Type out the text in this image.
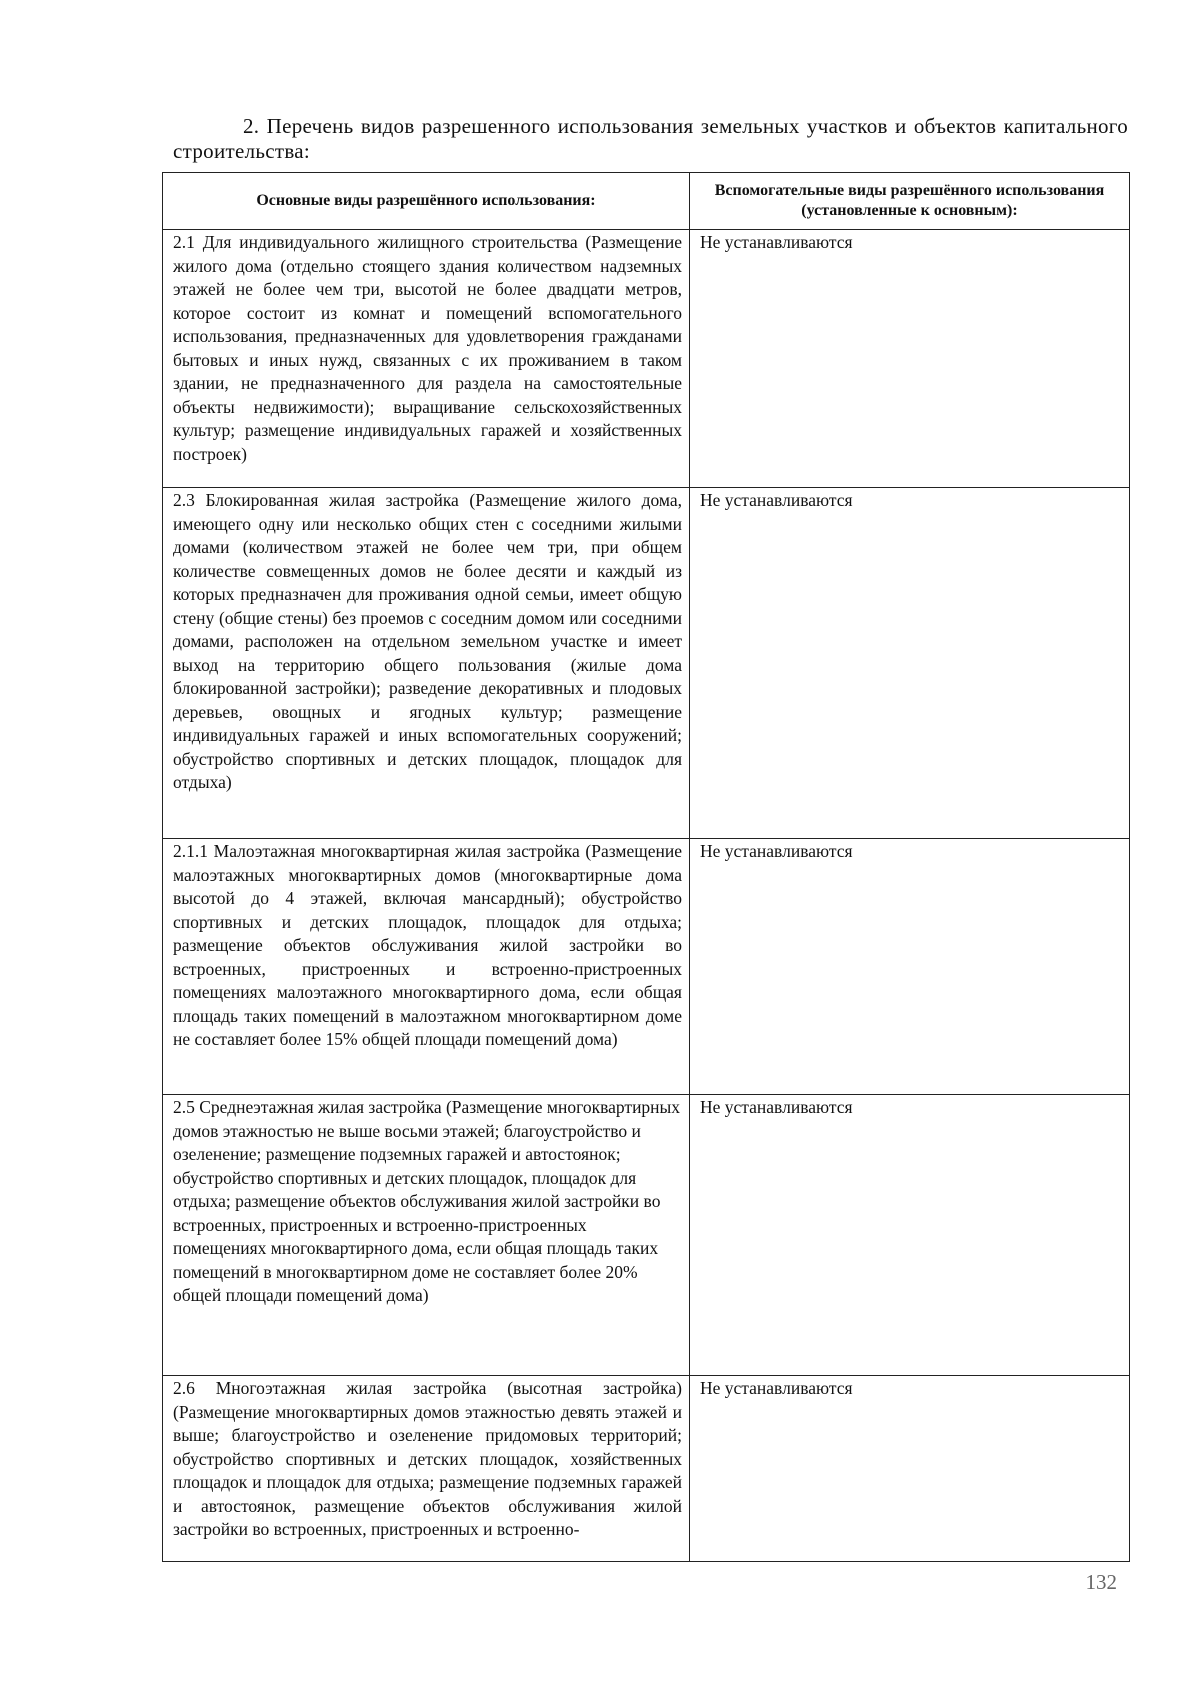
2. Перечень видов разрешенного использования земельных участков и объектов капитального строительства:
Основные виды разрешённого использования:	Вспомогательные виды разрешённого использования (установленные к основным):

2.1 Для индивидуального жилищного строительства (Размещение жилого дома (отдельно стоящего здания количеством надземных этажей не более чем три, высотой не более двадцати метров, которое состоит из комнат и помещений вспомогательного использования, предназначенных для удовлетворения гражданами бытовых и иных нужд, связанных с их проживанием в таком здании, не предназначенного для раздела на самостоятельные объекты недвижимости); выращивание сельскохозяйственных культур; размещение индивидуальных гаражей и хозяйственных построек)	Не устанавливаются

2.3 Блокированная жилая застройка (Размещение жилого дома, имеющего одну или несколько общих стен с соседними жилыми домами (количеством этажей не более чем три, при общем количестве совмещенных домов не более десяти и каждый из которых предназначен для проживания одной семьи, имеет общую стену (общие стены) без проемов с соседним домом или соседними домами, расположен на отдельном земельном участке и имеет выход на территорию общего пользования (жилые дома блокированной застройки); разведение декоративных и плодовых деревьев, овощных и ягодных культур; размещение индивидуальных гаражей и иных вспомогательных сооружений; обустройство спортивных и детских площадок, площадок для отдыха)	Не устанавливаются

2.1.1 Малоэтажная многоквартирная жилая застройка (Размещение малоэтажных многоквартирных домов (многоквартирные дома высотой до 4 этажей, включая мансардный); обустройство спортивных и детских площадок, площадок для отдыха; размещение объектов обслуживания жилой застройки во встроенных, пристроенных и встроенно-пристроенных помещениях малоэтажного многоквартирного дома, если общая площадь таких помещений в малоэтажном многоквартирном доме не составляет более 15% общей площади помещений дома)	Не устанавливаются

2.5 Среднеэтажная жилая застройка (Размещение многоквартирных домов этажностью не выше восьми этажей; благоустройство и озеленение; размещение подземных гаражей и автостоянок; обустройство спортивных и детских площадок, площадок для отдыха; размещение объектов обслуживания жилой застройки во встроенных, пристроенных и встроенно-пристроенных помещениях многоквартирного дома, если общая площадь таких помещений в многоквартирном доме не составляет более 20% общей площади помещений дома)	Не устанавливаются

2.6 Многоэтажная жилая застройка (высотная застройка) (Размещение многоквартирных домов этажностью девять этажей и выше; благоустройство и озеленение придомовых территорий; обустройство спортивных и детских площадок, хозяйственных площадок и площадок для отдыха; размещение подземных гаражей и автостоянок, размещение объектов обслуживания жилой застройки во встроенных, пристроенных и встроенно-	Не устанавливаются
132
